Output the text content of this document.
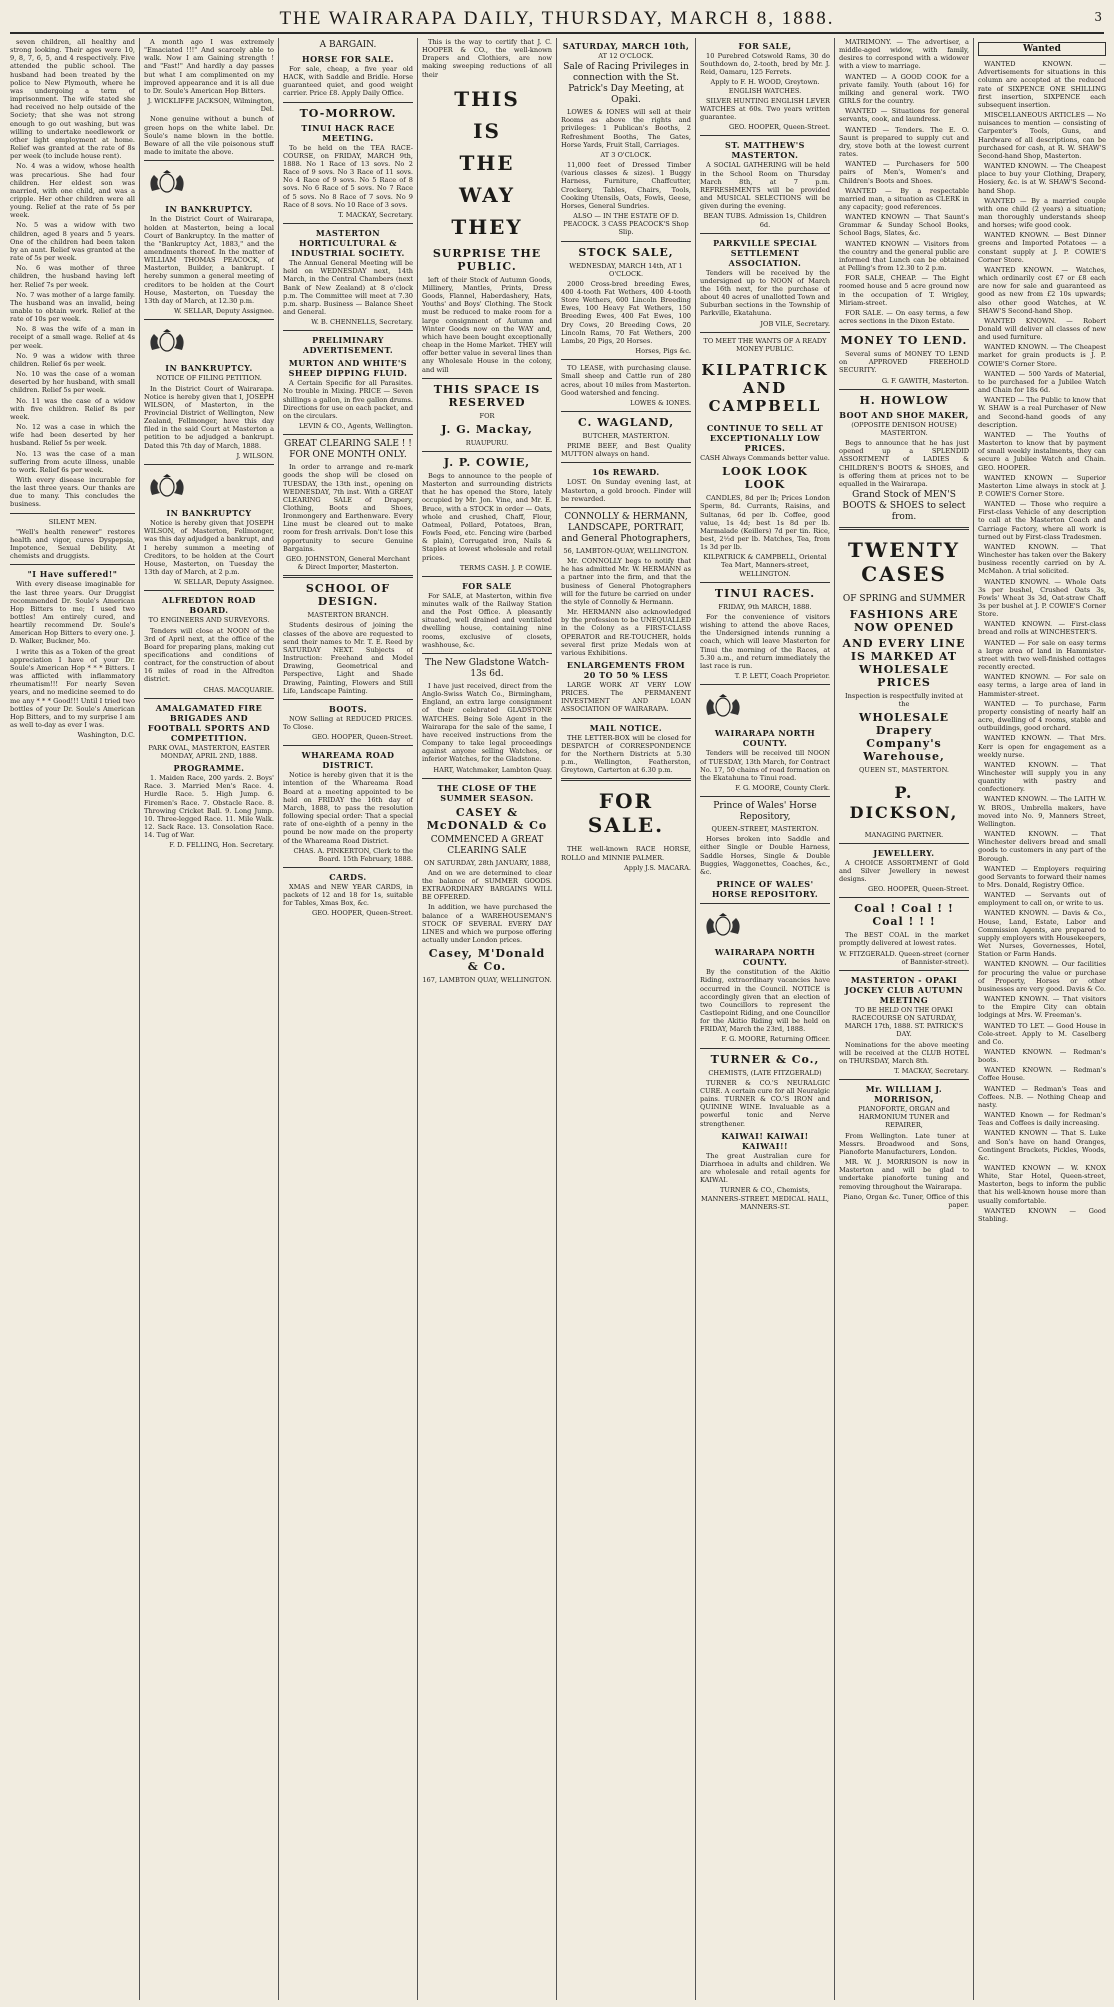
THE WAIRARAPA DAILY, THURSDAY, MARCH 8, 1888.	3

seven children, all healthy and strong looking. Their ages were 10, 9, 8, 7, 6, 5, and 4 respectively. Five attended the public school. The husband had been treated by the police to New Plymouth, where he was undergoing a term of imprisonment. The wife stated she had received no help outside of the Society; that she was not strong enough to go out washing, but was willing to undertake needlework or other light employment at home. Relief was granted at the rate of 8s per week (to include house rent).

No. 4 was a widow, whose health was precarious. She had four children. Her eldest son was married, with one child, and was a cripple. Her other children were all young. Relief at the rate of 5s per week.

No. 5 was a widow with two children, aged 8 years and 5 years. One of the children had been taken by an aunt. Relief was granted at the rate of 5s per week.

No. 6 was mother of three children, the husband having left her. Relief 7s per week.

No. 7 was mother of a large family. The husband was an invalid, being unable to obtain work. Relief at the rate of 10s per week.

No. 8 was the wife of a man in receipt of a small wage. Relief at 4s per week.

No. 9 was a widow with three children. Relief 6s per week.

No. 10 was the case of a woman deserted by her husband, with small children. Relief 5s per week.

No. 11 was the case of a widow with five children. Relief 8s per week.

No. 12 was a case in which the wife had been deserted by her husband. Relief 5s per week.

No. 13 was the case of a man suffering from acute illness, unable to work. Relief 6s per week.

With every disease incurable for the last three years. Our thanks are due to many. This concludes the business.

SILENT MEN.

"Well's health renewer" restores health and vigor, cures Dyspepsia, Impotence, Sexual Debility. At chemists and druggists.

"I Have suffered!"

With every disease imaginable for the last three years. Our Druggist recommended Dr. Soule's American Hop Bitters to me; I used two bottles! Am entirely cured, and heartily recommend Dr. Soule's American Hop Bitters to every one. J. D. Walker, Buckner, Mo.

I write this as a Token of the great appreciation I have of your Dr. Soule's American Hop * * * Bitters. I was afflicted with inflammatory rheumatism!!! For nearly Seven years, and no medicine seemed to do me any * * * Good!!! Until I tried two bottles of your Dr. Soule's American Hop Bitters, and to my surprise I am as well to-day as ever I was.

Washington, D.C.

A month ago I was extremely "Emaciated !!!" And scarcely able to walk. Now I am Gaining strength ! and "Fast!" And hardly a day passes but what I am complimented on my improved appearance and it is all due to Dr. Soule's American Hop Bitters.

J. WICKLIFFE JACKSON, Wilmington, Del.

None genuine without a bunch of green hops on the white label. Dr. Soule's name blown in the bottle. Beware of all the vile poisonous stuff made to imitate the above.

IN BANKRUPTCY.

In the District Court of Wairarapa, holden at Masterton, being a local Court of Bankruptcy. In the matter of the "Bankruptcy Act, 1883," and the amendments thereof. In the matter of WILLIAM THOMAS PEACOCK, of Masterton, Builder, a bankrupt. I hereby summon a general meeting of creditors to be holden at the Court House, Masterton, on Tuesday the 13th day of March, at 12.30 p.m.

W. SELLAR, Deputy Assignee.

IN BANKRUPTCY.

NOTICE OF FILING PETITION.

In the District Court of Wairarapa. Notice is hereby given that I, JOSEPH WILSON, of Masterton, in the Provincial District of Wellington, New Zealand, Fellmonger, have this day filed in the said Court at Masterton a petition to be adjudged a bankrupt. Dated this 7th day of March, 1888.

J. WILSON.

IN BANKRUPTCY

Notice is hereby given that JOSEPH WILSON, of Masterton, Fellmonger, was this day adjudged a bankrupt, and I hereby summon a meeting of Creditors, to be holden at the Court House, Masterton, on Tuesday the 13th day of March, at 2 p.m.

W. SELLAR, Deputy Assignee.

ALFREDTON ROAD BOARD.

TO ENGINEERS AND SURVEYORS.

Tenders will close at NOON of the 3rd of April next, at the office of the Board for preparing plans, making cut specifications and conditions of contract, for the construction of about 16 miles of road in the Alfredton district.

CHAS. MACQUARIE.

AMALGAMATED FIRE BRIGADES AND FOOTBALL SPORTS AND COMPETITION.

PARK OVAL, MASTERTON, EASTER MONDAY, APRIL 2ND, 1888.

PROGRAMME.

1. Maiden Race, 200 yards. 2. Boys' Race. 3. Married Men's Race. 4. Hurdle Race. 5. High Jump. 6. Firemen's Race. 7. Obstacle Race. 8. Throwing Cricket Ball. 9. Long Jump. 10. Three-legged Race. 11. Mile Walk. 12. Sack Race. 13. Consolation Race. 14. Tug of War.

F. D. FELLING, Hon. Secretary.

A BARGAIN.

HORSE FOR SALE.

For sale, cheap, a five year old HACK, with Saddle and Bridle. Horse guaranteed quiet, and good weight carrier. Price £8. Apply Daily Office.

TO-MORROW.

TINUI HACK RACE MEETING.

To be held on the TEA RACE-COURSE, on FRIDAY, MARCH 9th, 1888. No 1 Race of 13 sovs. No 2 Race of 9 sovs. No 3 Race of 11 sovs. No 4 Race of 9 sovs. No 5 Race of 8 sovs. No 6 Race of 5 sovs. No 7 Race of 5 sovs. No 8 Race of 7 sovs. No 9 Race of 8 sovs. No 10 Race of 3 sovs.

T. MACKAY, Secretary.

MASTERTON HORTICULTURAL & INDUSTRIAL SOCIETY.

The Annual General Meeting will be held on WEDNESDAY next, 14th March, in the Central Chambers (next Bank of New Zealand) at 8 o'clock p.m. The Committee will meet at 7.30 p.m. sharp. Business — Balance Sheet and General.

W. B. CHENNELLS, Secretary.

PRELIMINARY ADVERTISEMENT.

MURTON AND WHITE'S SHEEP DIPPING FLUID.

A Certain Specific for all Parasites. No trouble in Mixing. PRICE — Seven shillings a gallon, in five gallon drums. Directions for use on each packet, and on the circulars.

LEVIN & CO., Agents, Wellington.

GREAT CLEARING SALE ! ! FOR ONE MONTH ONLY.

In order to arrange and re-mark goods the shop will be closed on TUESDAY, the 13th inst., opening on WEDNESDAY, 7th inst. With a GREAT CLEARING SALE of Drapery, Clothing, Boots and Shoes, Ironmongery and Earthenware. Every Line must be cleared out to make room for fresh arrivals. Don't lose this opportunity to secure Genuine Bargains.

GEO. JOHNSTON, General Merchant & Direct Importer, Masterton.

SCHOOL OF DESIGN.

MASTERTON BRANCH.

Students desirous of joining the classes of the above are requested to send their names to Mr. T. E. Reed by SATURDAY NEXT. Subjects of Instruction: Freehand and Model Drawing, Geometrical and Perspective, Light and Shade Drawing, Painting, Flowers and Still Life, Landscape Painting.

BOOTS.

NOW Selling at REDUCED PRICES. To Close.

GEO. HOOPER, Queen-Street.

WHAREAMA ROAD DISTRICT.

Notice is hereby given that it is the intention of the Whareama Road Board at a meeting appointed to be held on FRIDAY the 16th day of March, 1888, to pass the resolution following special order: That a special rate of one-eighth of a penny in the pound be now made on the property of the Whareama Road District.

CHAS. A. PINKERTON, Clerk to the Board. 15th February, 1888.

CARDS.

XMAS and NEW YEAR CARDS, in packets of 12 and 18 for 1s, suitable for Tables, Xmas Box, &c.

GEO. HOOPER, Queen-Street.

This is the way to certify that J. C. HOOPER & CO., the well-known Drapers and Clothiers, are now making sweeping reductions of all their

THIS

IS

THE

WAY

THEY

SURPRISE THE PUBLIC.

left of their Stock of Autumn Goods, Millinery, Mantles, Prints, Dress Goods, Flannel, Haberdashery, Hats, Youths' and Boys' Clothing. The Stock must be reduced to make room for a large consignment of Autumn and Winter Goods now on the WAY and, which have been bought exceptionally cheap in the Home Market. THEY will offer better value in several lines than any Wholesale House in the colony, and will

THIS SPACE IS RESERVED

FOR

J. G. Mackay,

RUAUPURU.

J. P. COWIE,

Begs to announce to the people of Masterton and surrounding districts that he has opened the Store, lately occupied by Mr. Jon. Vine, and Mr. E. Bruce, with a STOCK in order — Oats, whole and crushed, Chaff, Flour, Oatmeal, Pollard, Potatoes, Bran, Fowls Feed, etc. Fencing wire (barbed & plain), Corrugated iron, Nails & Staples at lowest wholesale and retail prices.

TERMS CASH. J. P. COWIE.

FOR SALE

For SALE, at Masterton, within five minutes walk of the Railway Station and the Post Office. A pleasantly situated, well drained and ventilated dwelling house, containing nine rooms, exclusive of closets, washhouse, &c.

The New Gladstone Watch-13s 6d.

I have just received, direct from the Anglo-Swiss Watch Co., Birmingham, England, an extra large consignment of their celebrated GLADSTONE WATCHES. Being Sole Agent in the Wairarapa for the sale of the same, I have received instructions from the Company to take legal proceedings against anyone selling Watches, or inferior Watches, for the Gladstone.

HART, Watchmaker, Lambton Quay.

THE CLOSE OF THE SUMMER SEASON.

CASEY & McDONALD & Co

COMMENCED A GREAT CLEARING SALE

ON SATURDAY, 28th JANUARY, 1888,

And on we are determined to clear the balance of SUMMER GOODS. EXTRAORDINARY BARGAINS WILL BE OFFERED.

In addition, we have purchased the balance of a WAREHOUSEMAN'S STOCK OF SEVERAL EVERY DAY LINES and which we purpose offering actually under London prices.

Casey, M'Donald & Co.

167, LAMBTON QUAY, WELLINGTON.

SATURDAY, MARCH 10th,

AT 12 O'CLOCK.

Sale of Racing Privileges in connection with the St. Patrick's Day Meeting, at Opaki.

LOWES & IONES will sell at their Rooms as above the rights and privileges: 1 Publican's Booths, 2 Refreshment Booths, The Gates, Horse Yards, Fruit Stall, Carriages.

AT 3 O'CLOCK.

11,000 feet of Dressed Timber (various classes & sizes). 1 Buggy Harness, Furniture, Chaffcutter, Crockery, Tables, Chairs, Tools, Cooking Utensils, Oats, Fowls, Geese, Horses, General Sundries.

ALSO — IN THE ESTATE OF D. PEACOCK. 3 CASS PEACOCK'S Shop Slip.

STOCK SALE,

WEDNESDAY, MARCH 14th, AT 1 O'CLOCK.

2000 Cross-bred breeding Ewes, 400 4-tooth Fat Wethers, 400 4-tooth Store Wethers, 600 Lincoln Breeding Ewes, 100 Heavy Fat Wethers, 150 Breeding Ewes, 400 Fat Ewes, 100 Dry Cows, 20 Breeding Cows, 20 Lincoln Rams, 70 Fat Wethers, 200 Lambs, 20 Pigs, 20 Horses.

Horses, Pigs &c.

TO LEASE, with purchasing clause. Small sheep and Cattle run of 280 acres, about 10 miles from Masterton. Good watershed and fencing.

LOWES & IONES.

C. WAGLAND,

BUTCHER, MASTERTON.

PRIME BEEF, and Best Quality MUTTON always on hand.

10s REWARD.

LOST. On Sunday evening last, at Masterton, a gold brooch. Finder will be rewarded.

CONNOLLY & HERMANN, LANDSCAPE, PORTRAIT, and General Photographers,

56, LAMBTON-QUAY, WELLINGTON.

Mr. CONNOLLY begs to notify that he has admitted Mr. W. HERMANN as a partner into the firm, and that the business of General Photographers will for the future be carried on under the style of Connolly & Hermann.

Mr. HERMANN also acknowledged by the profession to be UNEQUALLED in the Colony as a FIRST-CLASS OPERATOR and RE-TOUCHER, holds several first prize Medals won at various Exhibitions.

ENLARGEMENTS FROM 20 TO 50 % LESS

LARGE WORK AT VERY LOW PRICES. The PERMANENT INVESTMENT AND LOAN ASSOCIATION OF WAIRARAPA.

MAIL NOTICE.

THE LETTER-BOX will be closed for DESPATCH of CORRESPONDENCE for the Northern Districts at 5.30 p.m., Wellington, Featherston, Greytown, Carterton at 6.30 p.m.

FOR SALE.

THE well-known RACE HORSE, ROLLO and MINNIE PALMER.

Apply J.S. MACARA.

FOR SALE,

10 Purebred Cotswold Rams, 30 do Southdown do, 2-tooth, bred by Mr. J. Reid, Oamaru, 125 Ferrets.

Apply to F. H. WOOD, Greytown. ENGLISH WATCHES.

SILVER HUNTING ENGLISH LEVER WATCHES at 60s. Two years written guarantee.

GEO. HOOPER, Queen-Street.

ST. MATTHEW'S MASTERTON.

A SOCIAL GATHERING will be held in the School Room on Thursday March 8th, at 7 p.m. REFRESHMENTS will be provided and MUSICAL SELECTIONS will be given during the evening.

BEAN TUBS. Admission 1s, Children 6d.

PARKVILLE SPECIAL SETTLEMENT ASSOCIATION.

Tenders will be received by the undersigned up to NOON of March the 16th next, for the purchase of about 40 acres of unallotted Town and Suburban sections in the Township of Parkville, Ekatahuna.

JOB VILE, Secretary.

TO MEET THE WANTS OF A READY MONEY PUBLIC.

KILPATRICK AND CAMPBELL

CONTINUE TO SELL AT EXCEPTIONALLY LOW PRICES.

CASH Always Commands better value.

LOOK LOOK LOOK

CANDLES, 8d per lb; Prices London Sperm, 8d. Currants, Raisins, and Sultanas, 6d per lb. Coffee, good value, 1s 4d; best 1s 8d per lb. Marmalade (Keillers) 7d per tin. Rice, best, 2½d per lb. Matches, Tea, from 1s 3d per lb.

KILPATRICK & CAMPBELL, Oriental Tea Mart, Manners-street, WELLINGTON.

TINUI RACES.

FRIDAY, 9th MARCH, 1888.

For the convenience of visitors wishing to attend the above Races, the Undersigned intends running a coach, which will leave Masterton for Tinui the morning of the Races, at 5.30 a.m., and return immediately the last race is run.

T. P. LETT, Coach Proprietor.

WAIRARAPA NORTH COUNTY.

Tenders will be received till NOON of TUESDAY, 13th March, for Contract No. 17, 50 chains of road formation on the Ekatahuna to Tinui road.

F. G. MOORE, County Clerk.

Prince of Wales' Horse Repository,

QUEEN-STREET, MASTERTON.

Horses broken into Saddle and either Single or Double Harness, Saddle Horses, Single & Double Buggies, Waggonettes, Coaches, &c., &c.

PRINCE OF WALES' HORSE REPOSITORY.

WAIRARAPA NORTH COUNTY.

By the constitution of the Akitio Riding, extraordinary vacancies have occurred in the Council. NOTICE is accordingly given that an election of two Councillors to represent the Castlepoint Riding, and one Councillor for the Akitio Riding will be held on FRIDAY, March the 23rd, 1888.

F. G. MOORE, Returning Officer.

TURNER & Co.,

CHEMISTS, (LATE FITZGERALD)

TURNER & CO.'S NEURALGIC CURE. A certain cure for all Neuralgic pains. TURNER & CO.'S IRON and QUININE WINE. Invaluable as a powerful tonic and Nerve strengthener.

KAIWAI! KAIWAI! KAIWAI!!

The great Australian cure for Diarrhoea in adults and children. We are wholesale and retail agents for KAIWAI.

TURNER & CO., Chemists, MANNERS-STREET. MEDICAL HALL, MANNERS-ST.

MATRIMONY. — The advertiser, a middle-aged widow, with family, desires to correspond with a widower with a view to marriage.

WANTED — A GOOD COOK for a private family. Youth (about 16) for milking and general work. TWO GIRLS for the country.

WANTED — Situations for general servants, cook, and laundress.

WANTED — Tenders. The E. O. Saunt is prepared to supply cut and dry, stove both at the lowest current rates.

WANTED — Purchasers for 500 pairs of Men's, Women's and Children's Boots and Shoes.

WANTED — By a respectable married man, a situation as CLERK in any capacity; good references.

WANTED KNOWN — That Saunt's Grammar & Sunday School Books, School Bags, Slates, &c.

WANTED KNOWN — Visitors from the country and the general public are informed that Lunch can be obtained at Pelling's from 12.30 to 2 p.m.

FOR SALE, CHEAP. — The Eight roomed house and 5 acre ground now in the occupation of T. Wrigley, Miriam-street.

FOR SALE. — On easy terms, a few acres sections in the Dixon Estate.

MONEY TO LEND.

Several sums of MONEY TO LEND on APPROVED FREEHOLD SECURITY.

G. F. GAWITH, Masterton.

H. HOWLOW

BOOT AND SHOE MAKER,

(OPPOSITE DENISON HOUSE) MASTERTON.

Begs to announce that he has just opened up a SPLENDID ASSORTMENT of LADIES & CHILDREN'S BOOTS & SHOES, and is offering them at prices not to be equalled in the Wairarapa.

Grand Stock of MEN'S BOOTS & SHOES to select from.

TWENTY CASES

OF SPRING and SUMMER

FASHIONS ARE NOW OPENED

AND EVERY LINE IS MARKED AT WHOLESALE PRICES

Inspection is respectfully invited at the

WHOLESALE Drapery Company's Warehouse,

QUEEN ST., MASTERTON.

P. DICKSON,

MANAGING PARTNER.

JEWELLERY.

A CHOICE ASSORTMENT of Gold and Silver Jewellery in newest designs.

GEO. HOOPER, Queen-Street.

Coal ! Coal ! ! Coal ! ! !

The BEST COAL in the market promptly delivered at lowest rates.

W. FITZGERALD. Queen-street (corner of Bannister-street).

MASTERTON - OPAKI JOCKEY CLUB AUTUMN MEETING

TO BE HELD ON THE OPAKI RACECOURSE ON SATURDAY, MARCH 17th, 1888. ST. PATRICK'S DAY.

Nominations for the above meeting will be received at the CLUB HOTEL on THURSDAY, March 8th.

T. MACKAY, Secretary.

Mr. WILLIAM J. MORRISON,

PIANOFORTE, ORGAN and HARMONIUM TUNER and REPAIRER,

From Wellington. Late tuner at Messrs. Broadwood and Sons, Pianoforte Manufacturers, London.

MR. W. J. MORRISON is now in Masterton and will be glad to undertake pianoforte tuning and removing throughout the Wairarapa.

Piano, Organ &c. Tuner, Office of this paper.

Wanted

WANTED KNOWN. — Advertisements for situations in this column are accepted at the reduced rate of SIXPENCE ONE SHILLING first insertion, SIXPENCE each subsequent insertion.

MISCELLANEOUS ARTICLES — No nuisances to mention — consisting of Carpenter's Tools, Guns, and Hardware of all descriptions, can be purchased for cash, at R. W. SHAW'S Second-hand Shop, Masterton.

WANTED KNOWN. — The Cheapest place to buy your Clothing, Drapery, Hosiery, &c. is at W. SHAW'S Second-hand Shop.

WANTED — By a married couple with one child (2 years) a situation; man thoroughly understands sheep and horses; wife good cook.

WANTED KNOWN. — Best Dinner greens and Imported Potatoes — a constant supply at J. P. COWIE'S Corner Store.

WANTED KNOWN. — Watches, which ordinarily cost £7 or £8 each are now for sale and guaranteed as good as new from £2 10s upwards; also other good Watches, at W. SHAW'S Second-hand Shop.

WANTED KNOWN. — Robert Donald will deliver all classes of new and used furniture.

WANTED KNOWN. — The Cheapest market for grain products is J. P. COWIE'S Corner Store.

WANTED — 500 Yards of Material, to be purchased for a Jubilee Watch and Chain for 18s 6d.

WANTED — The Public to know that W. SHAW is a real Purchaser of New and Second-hand goods of any description.

WANTED — The Youths of Masterton to know that by payment of small weekly instalments, they can secure a Jubilee Watch and Chain. GEO. HOOPER.

WANTED KNOWN — Superior Masterton Lime always in stock at J. P. COWIE'S Corner Store.

WANTED — Those who require a First-class Vehicle of any description to call at the Masterton Coach and Carriage Factory, where all work is turned out by First-class Tradesmen.

WANTED KNOWN. — That Winchester has taken over the Bakery business recently carried on by A. McMahon. A trial solicited.

WANTED KNOWN. — Whole Oats 3s per bushel, Crushed Oats 3s, Fowls' Wheat 3s 3d, Oat-straw Chaff 3s per bushel at J. P. COWIE'S Corner Store.

WANTED KNOWN. — First-class bread and rolls at WINCHESTER'S.

WANTED — For sale on easy terms a large area of land in Hammister-street with two well-finished cottages recently erected.

WANTED KNOWN. — For sale on easy terms, a large area of land in Hammister-street.

WANTED — To purchase, Farm property consisting of nearly half an acre, dwelling of 4 rooms, stable and outbuildings, good orchard.

WANTED KNOWN. — That Mrs. Kerr is open for engagement as a weekly nurse.

WANTED KNOWN. — That Winchester will supply you in any quantity with pastry and confectionery.

WANTED KNOWN. — The LAITH W. W. BROS., Umbrella makers, have moved into No. 9, Manners Street, Wellington.

WANTED KNOWN. — That Winchester delivers bread and small goods to customers in any part of the Borough.

WANTED — Employers requiring good Servants to forward their names to Mrs. Donald, Registry Office.

WANTED — Servants out of employment to call on, or write to us.

WANTED KNOWN. — Davis & Co., House, Land, Estate, Labor and Commission Agents, are prepared to supply employers with Housekeepers, Wet Nurses, Governesses, Hotel, Station or Farm Hands.

WANTED KNOWN. — Our facilities for procuring the value or purchase of Property, Horses or other businesses are very good. Davis & Co.

WANTED KNOWN. — That visitors to the Empire City can obtain lodgings at Mrs. W. Freeman's.

WANTED TO LET. — Good House in Cole-street. Apply to M. Caselberg and Co.

WANTED KNOWN. — Redman's boots.

WANTED KNOWN. — Redman's Coffee House.

WANTED — Redman's Teas and Coffees. N.B. — Nothing Cheap and nasty.

WANTED Known — for Redman's Teas and Coffees is daily increasing.

WANTED KNOWN — That S. Luke and Son's have on hand Oranges, Contingent Brackets, Pickles, Woods, &c.

WANTED KNOWN — W. KNOX White, Star Hotel, Queen-street, Masterton, begs to inform the public that his well-known house more than usually comfortable.

WANTED KNOWN — Good Stabling.
